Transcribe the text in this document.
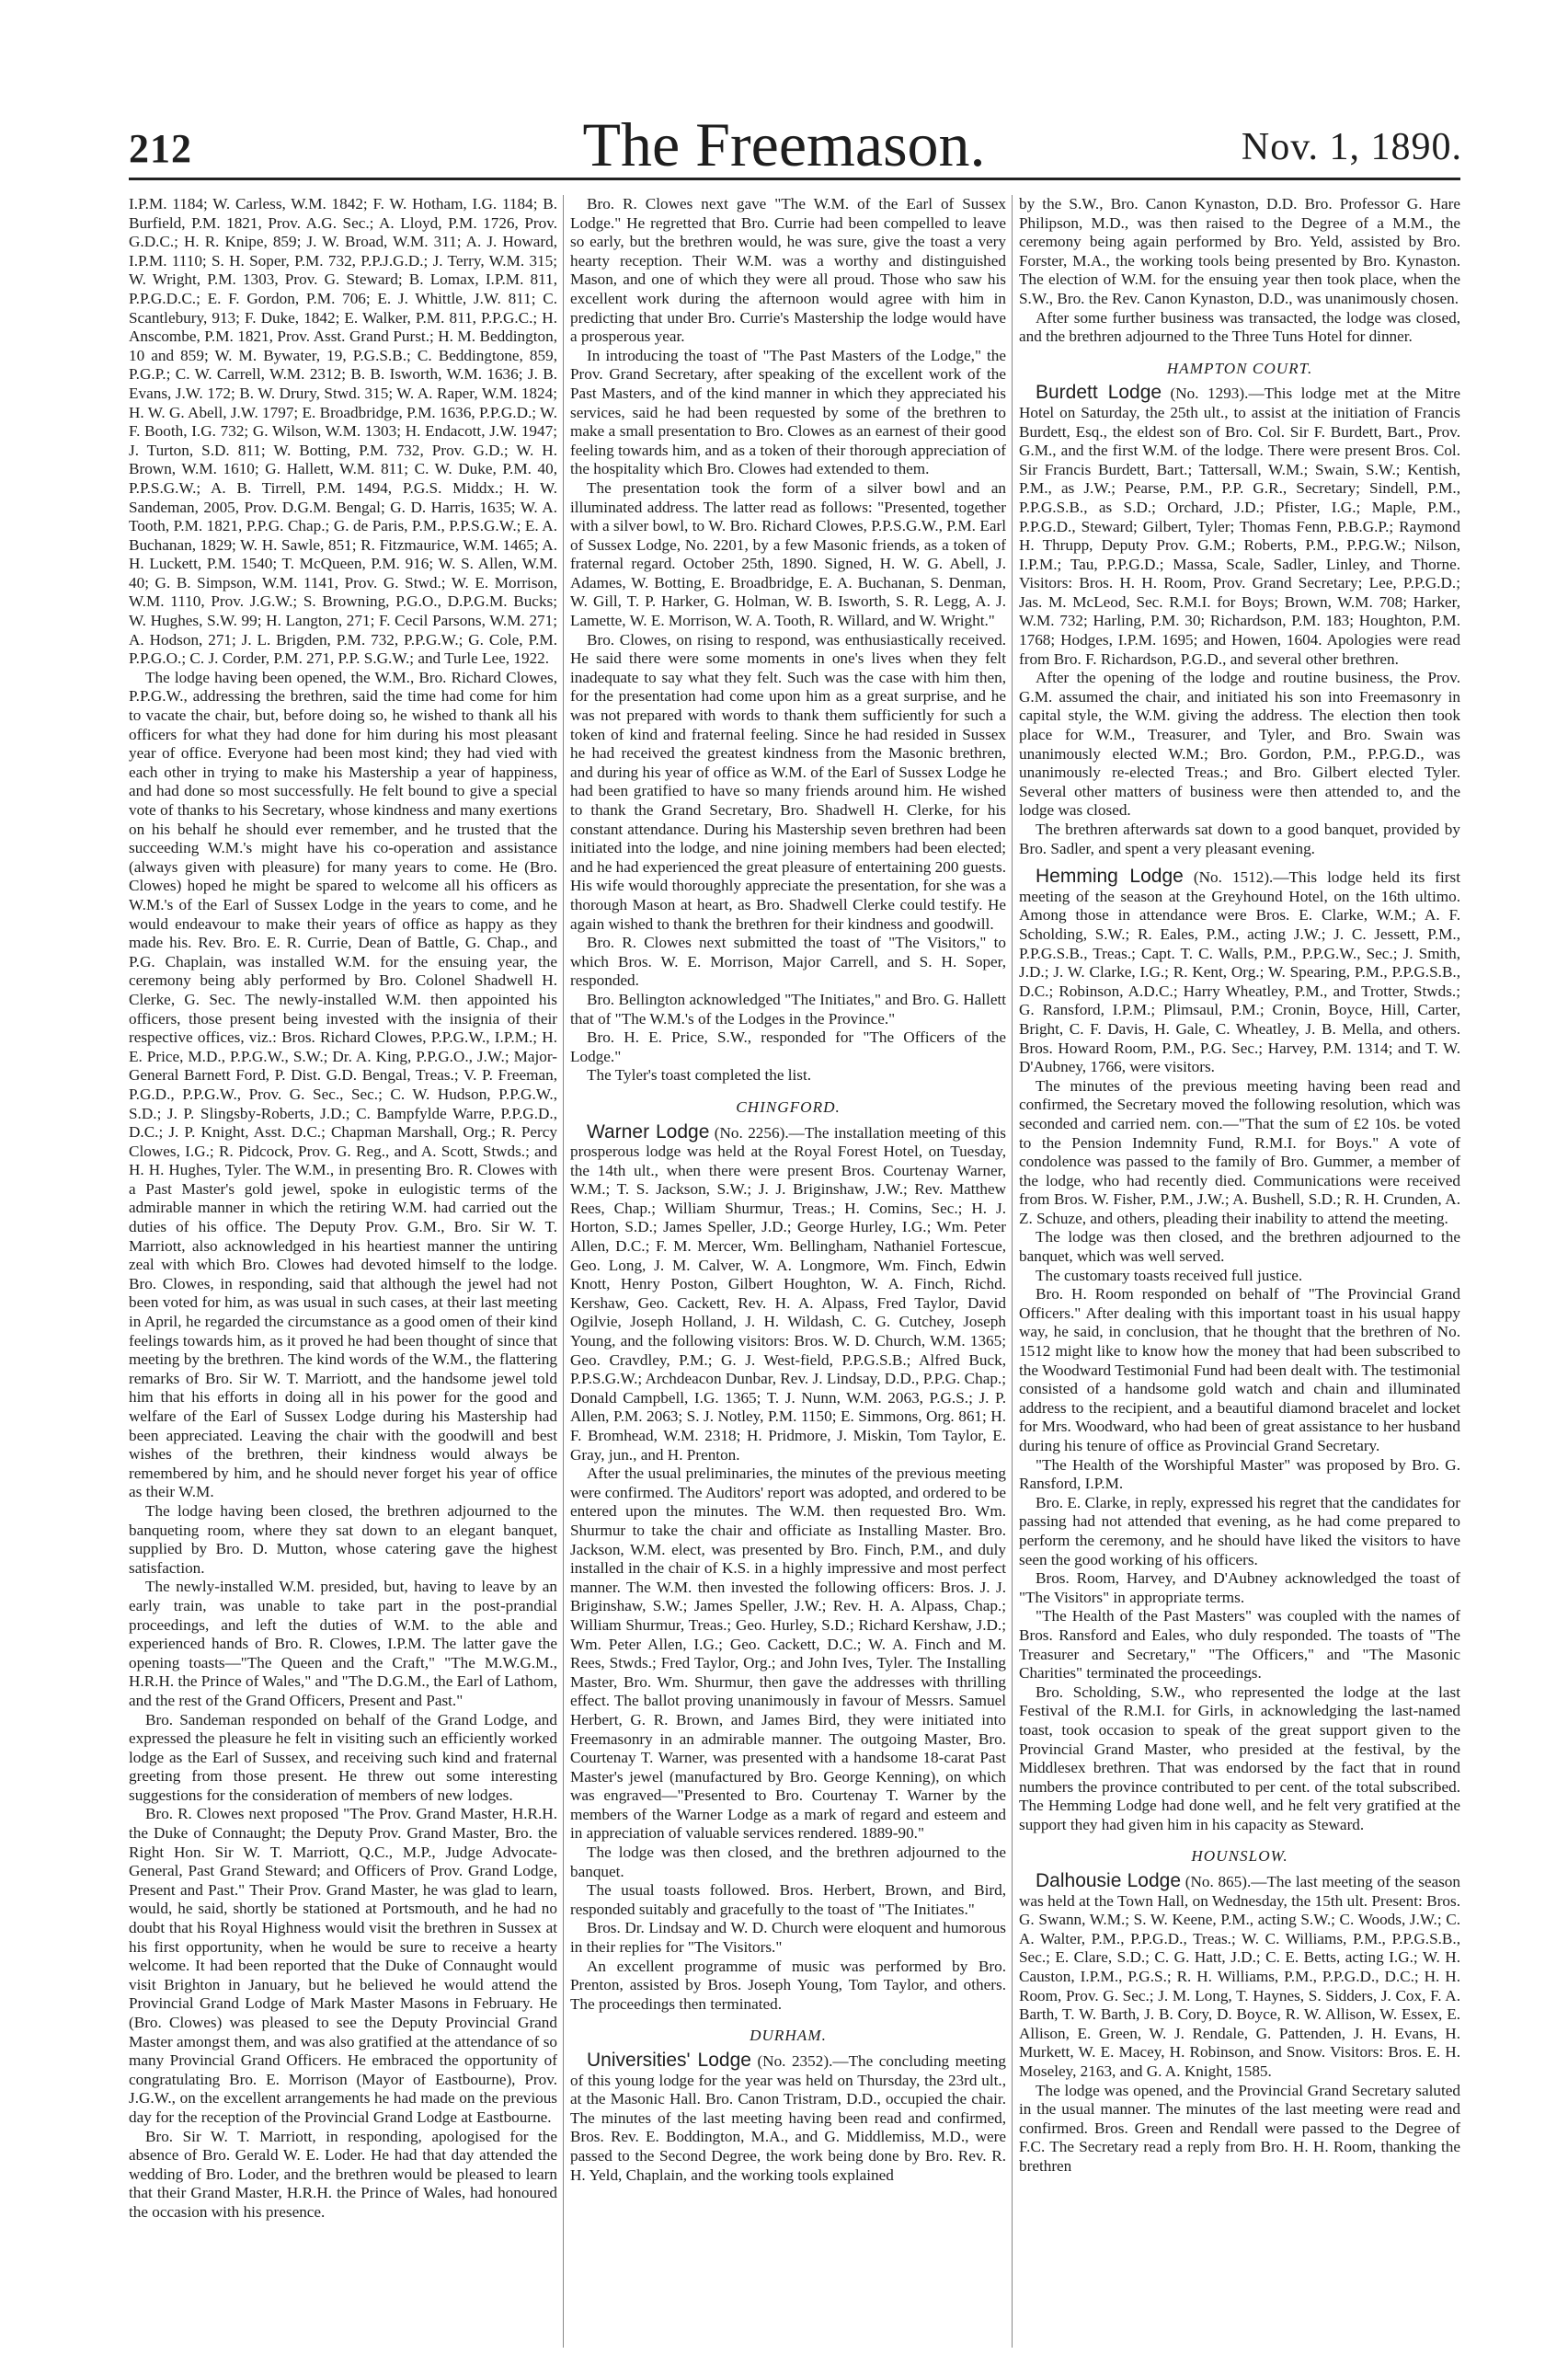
212	The Freemason.	Nov. 1, 1890.

I.P.M. 1184; W. Carless, W.M. 1842; F. W. Hotham, I.G. 1184; B. Burfield, P.M. 1821, Prov. A.G. Sec.; A. Lloyd, P.M. 1726, Prov. G.D.C.; H. R. Knipe, 859; J. W. Broad, W.M. 311; A. J. Howard, I.P.M. 1110; S. H. Soper, P.M. 732, P.P.J.G.D.; J. Terry, W.M. 315; W. Wright, P.M. 1303, Prov. G. Steward; B. Lomax, I.P.M. 811, P.P.G.D.C.; E. F. Gordon, P.M. 706; E. J. Whittle, J.W. 811; C. Scantlebury, 913; F. Duke, 1842; E. Walker, P.M. 811, P.P.G.C.; H. Anscombe, P.M. 1821, Prov. Asst. Grand Purst.; H. M. Beddington, 10 and 859; W. M. Bywater, 19, P.G.S.B.; C. Beddingtone, 859, P.G.P.; C. W. Carrell, W.M. 2312; B. B. Isworth, W.M. 1636; J. B. Evans, J.W. 172; B. W. Drury, Stwd. 315; W. A. Raper, W.M. 1824; H. W. G. Abell, J.W. 1797; E. Broadbridge, P.M. 1636, P.P.G.D.; W. F. Booth, I.G. 732; G. Wilson, W.M. 1303; H. Endacott, J.W. 1947; J. Turton, S.D. 811; W. Botting, P.M. 732, Prov. G.D.; W. H. Brown, W.M. 1610; G. Hallett, W.M. 811; C. W. Duke, P.M. 40, P.P.S.G.W.; A. B. Tirrell, P.M. 1494, P.G.S. Middx.; H. W. Sandeman, 2005, Prov. D.G.M. Bengal; G. D. Harris, 1635; W. A. Tooth, P.M. 1821, P.P.G. Chap.; G. de Paris, P.M., P.P.S.G.W.; E. A. Buchanan, 1829; W. H. Sawle, 851; R. Fitzmaurice, W.M. 1465; A. H. Luckett, P.M. 1540; T. McQueen, P.M. 916; W. S. Allen, W.M. 40; G. B. Simpson, W.M. 1141, Prov. G. Stwd.; W. E. Morrison, W.M. 1110, Prov. J.G.W.; S. Browning, P.G.O., D.P.G.M. Bucks; W. Hughes, S.W. 99; H. Langton, 271; F. Cecil Parsons, W.M. 271; A. Hodson, 271; J. L. Brigden, P.M. 732, P.P.G.W.; G. Cole, P.M. P.P.G.O.; C. J. Corder, P.M. 271, P.P. S.G.W.; and Turle Lee, 1922.

The lodge having been opened, the W.M., Bro. Richard Clowes, P.P.G.W., addressing the brethren, said the time had come for him to vacate the chair, but, before doing so, he wished to thank all his officers for what they had done for him during his most pleasant year of office. Everyone had been most kind; they had vied with each other in trying to make his Mastership a year of happiness, and had done so most successfully. He felt bound to give a special vote of thanks to his Secretary, whose kindness and many exertions on his behalf he should ever remember, and he trusted that the succeeding W.M.'s might have his co-operation and assistance (always given with pleasure) for many years to come. He (Bro. Clowes) hoped he might be spared to welcome all his officers as W.M.'s of the Earl of Sussex Lodge in the years to come, and he would endeavour to make their years of office as happy as they made his. Rev. Bro. E. R. Currie, Dean of Battle, G. Chap., and P.G. Chaplain, was installed W.M. for the ensuing year, the ceremony being ably performed by Bro. Colonel Shadwell H. Clerke, G. Sec. The newly-installed W.M. then appointed his officers, those present being invested with the insignia of their respective offices, viz.: Bros. Richard Clowes, P.P.G.W., I.P.M.; H. E. Price, M.D., P.P.G.W., S.W.; Dr. A. King, P.P.G.O., J.W.; Major-General Barnett Ford, P. Dist. G.D. Bengal, Treas.; V. P. Freeman, P.G.D., P.P.G.W., Prov. G. Sec., Sec.; C. W. Hudson, P.P.G.W., S.D.; J. P. Slingsby-Roberts, J.D.; C. Bampfylde Warre, P.P.G.D., D.C.; J. P. Knight, Asst. D.C.; Chapman Marshall, Org.; R. Percy Clowes, I.G.; R. Pidcock, Prov. G. Reg., and A. Scott, Stwds.; and H. H. Hughes, Tyler. The W.M., in presenting Bro. R. Clowes with a Past Master's gold jewel, spoke in eulogistic terms of the admirable manner in which the retiring W.M. had carried out the duties of his office. The Deputy Prov. G.M., Bro. Sir W. T. Marriott, also acknowledged in his heartiest manner the untiring zeal with which Bro. Clowes had devoted himself to the lodge. Bro. Clowes, in responding, said that although the jewel had not been voted for him, as was usual in such cases, at their last meeting in April, he regarded the circumstance as a good omen of their kind feelings towards him, as it proved he had been thought of since that meeting by the brethren. The kind words of the W.M., the flattering remarks of Bro. Sir W. T. Marriott, and the handsome jewel told him that his efforts in doing all in his power for the good and welfare of the Earl of Sussex Lodge during his Mastership had been appreciated. Leaving the chair with the goodwill and best wishes of the brethren, their kindness would always be remembered by him, and he should never forget his year of office as their W.M.

The lodge having been closed, the brethren adjourned to the banqueting room, where they sat down to an elegant banquet, supplied by Bro. D. Mutton, whose catering gave the highest satisfaction.

The newly-installed W.M. presided, but, having to leave by an early train, was unable to take part in the post-prandial proceedings, and left the duties of W.M. to the able and experienced hands of Bro. R. Clowes, I.P.M. The latter gave the opening toasts—"The Queen and the Craft," "The M.W.G.M., H.R.H. the Prince of Wales," and "The D.G.M., the Earl of Lathom, and the rest of the Grand Officers, Present and Past."

Bro. Sandeman responded on behalf of the Grand Lodge, and expressed the pleasure he felt in visiting such an efficiently worked lodge as the Earl of Sussex, and receiving such kind and fraternal greeting from those present. He threw out some interesting suggestions for the consideration of members of new lodges.

Bro. R. Clowes next proposed "The Prov. Grand Master, H.R.H. the Duke of Connaught; the Deputy Prov. Grand Master, Bro. the Right Hon. Sir W. T. Marriott, Q.C., M.P., Judge Advocate-General, Past Grand Steward; and Officers of Prov. Grand Lodge, Present and Past." Their Prov. Grand Master, he was glad to learn, would, he said, shortly be stationed at Portsmouth, and he had no doubt that his Royal Highness would visit the brethren in Sussex at his first opportunity, when he would be sure to receive a hearty welcome. It had been reported that the Duke of Connaught would visit Brighton in January, but he believed he would attend the Provincial Grand Lodge of Mark Master Masons in February. He (Bro. Clowes) was pleased to see the Deputy Provincial Grand Master amongst them, and was also gratified at the attendance of so many Provincial Grand Officers. He embraced the opportunity of congratulating Bro. E. Morrison (Mayor of Eastbourne), Prov. J.G.W., on the excellent arrangements he had made on the previous day for the reception of the Provincial Grand Lodge at Eastbourne.

Bro. Sir W. T. Marriott, in responding, apologised for the absence of Bro. Gerald W. E. Loder. He had that day attended the wedding of Bro. Loder, and the brethren would be pleased to learn that their Grand Master, H.R.H. the Prince of Wales, had honoured the occasion with his presence.

Bro. R. Clowes next gave "The W.M. of the Earl of Sussex Lodge." He regretted that Bro. Currie had been compelled to leave so early, but the brethren would, he was sure, give the toast a very hearty reception. Their W.M. was a worthy and distinguished Mason, and one of which they were all proud. Those who saw his excellent work during the afternoon would agree with him in predicting that under Bro. Currie's Mastership the lodge would have a prosperous year.

In introducing the toast of "The Past Masters of the Lodge," the Prov. Grand Secretary, after speaking of the excellent work of the Past Masters, and of the kind manner in which they appreciated his services, said he had been requested by some of the brethren to make a small presentation to Bro. Clowes as an earnest of their good feeling towards him, and as a token of their thorough appreciation of the hospitality which Bro. Clowes had extended to them.

The presentation took the form of a silver bowl and an illuminated address. The latter read as follows: "Presented, together with a silver bowl, to W. Bro. Richard Clowes, P.P.S.G.W., P.M. Earl of Sussex Lodge, No. 2201, by a few Masonic friends, as a token of fraternal regard. October 25th, 1890. Signed, H. W. G. Abell, J. Adames, W. Botting, E. Broadbridge, E. A. Buchanan, S. Denman, W. Gill, T. P. Harker, G. Holman, W. B. Isworth, S. R. Legg, A. J. Lamette, W. E. Morrison, W. A. Tooth, R. Willard, and W. Wright."

Bro. Clowes, on rising to respond, was enthusiastically received. He said there were some moments in one's lives when they felt inadequate to say what they felt. Such was the case with him then, for the presentation had come upon him as a great surprise, and he was not prepared with words to thank them sufficiently for such a token of kind and fraternal feeling. Since he had resided in Sussex he had received the greatest kindness from the Masonic brethren, and during his year of office as W.M. of the Earl of Sussex Lodge he had been gratified to have so many friends around him. He wished to thank the Grand Secretary, Bro. Shadwell H. Clerke, for his constant attendance. During his Mastership seven brethren had been initiated into the lodge, and nine joining members had been elected; and he had experienced the great pleasure of entertaining 200 guests. His wife would thoroughly appreciate the presentation, for she was a thorough Mason at heart, as Bro. Shadwell Clerke could testify. He again wished to thank the brethren for their kindness and goodwill.

Bro. R. Clowes next submitted the toast of "The Visitors," to which Bros. W. E. Morrison, Major Carrell, and S. H. Soper, responded.

Bro. Bellington acknowledged "The Initiates," and Bro. G. Hallett that of "The W.M.'s of the Lodges in the Province."

Bro. H. E. Price, S.W., responded for "The Officers of the Lodge."

The Tyler's toast completed the list.

CHINGFORD.

Warner Lodge (No. 2256).—The installation meeting of this prosperous lodge was held at the Royal Forest Hotel, on Tuesday, the 14th ult., when there were present Bros. Courtenay Warner, W.M.; T. S. Jackson, S.W.; J. J. Briginshaw, J.W.; Rev. Matthew Rees, Chap.; William Shurmur, Treas.; H. Comins, Sec.; H. J. Horton, S.D.; James Speller, J.D.; George Hurley, I.G.; Wm. Peter Allen, D.C.; F. M. Mercer, Wm. Bellingham, Nathaniel Fortescue, Geo. Long, J. M. Calver, W. A. Longmore, Wm. Finch, Edwin Knott, Henry Poston, Gilbert Houghton, W. A. Finch, Richd. Kershaw, Geo. Cackett, Rev. H. A. Alpass, Fred Taylor, David Ogilvie, Joseph Holland, J. H. Wildash, C. G. Cutchey, Joseph Young, and the following visitors: Bros. W. D. Church, W.M. 1365; Geo. Cravdley, P.M.; G. J. West-field, P.P.G.S.B.; Alfred Buck, P.P.S.G.W.; Archdeacon Dunbar, Rev. J. Lindsay, D.D., P.P.G. Chap.; Donald Campbell, I.G. 1365; T. J. Nunn, W.M. 2063, P.G.S.; J. P. Allen, P.M. 2063; S. J. Notley, P.M. 1150; E. Simmons, Org. 861; H. F. Bromhead, W.M. 2318; H. Pridmore, J. Miskin, Tom Taylor, E. Gray, jun., and H. Prenton.

After the usual preliminaries, the minutes of the previous meeting were confirmed. The Auditors' report was adopted, and ordered to be entered upon the minutes. The W.M. then requested Bro. Wm. Shurmur to take the chair and officiate as Installing Master. Bro. Jackson, W.M. elect, was presented by Bro. Finch, P.M., and duly installed in the chair of K.S. in a highly impressive and most perfect manner. The W.M. then invested the following officers: Bros. J. J. Briginshaw, S.W.; James Speller, J.W.; Rev. H. A. Alpass, Chap.; William Shurmur, Treas.; Geo. Hurley, S.D.; Richard Kershaw, J.D.; Wm. Peter Allen, I.G.; Geo. Cackett, D.C.; W. A. Finch and M. Rees, Stwds.; Fred Taylor, Org.; and John Ives, Tyler. The Installing Master, Bro. Wm. Shurmur, then gave the addresses with thrilling effect. The ballot proving unanimously in favour of Messrs. Samuel Herbert, G. R. Brown, and James Bird, they were initiated into Freemasonry in an admirable manner. The outgoing Master, Bro. Courtenay T. Warner, was presented with a handsome 18-carat Past Master's jewel (manufactured by Bro. George Kenning), on which was engraved—"Presented to Bro. Courtenay T. Warner by the members of the Warner Lodge as a mark of regard and esteem and in appreciation of valuable services rendered. 1889-90."

The lodge was then closed, and the brethren adjourned to the banquet.

The usual toasts followed. Bros. Herbert, Brown, and Bird, responded suitably and gracefully to the toast of "The Initiates."

Bros. Dr. Lindsay and W. D. Church were eloquent and humorous in their replies for "The Visitors."

An excellent programme of music was performed by Bro. Prenton, assisted by Bros. Joseph Young, Tom Taylor, and others. The proceedings then terminated.

DURHAM.

Universities' Lodge (No. 2352).—The concluding meeting of this young lodge for the year was held on Thursday, the 23rd ult., at the Masonic Hall. Bro. Canon Tristram, D.D., occupied the chair. The minutes of the last meeting having been read and confirmed, Bros. Rev. E. Boddington, M.A., and G. Middlemiss, M.D., were passed to the Second Degree, the work being done by Bro. Rev. R. H. Yeld, Chaplain, and the working tools explained

by the S.W., Bro. Canon Kynaston, D.D. Bro. Professor G. Hare Philipson, M.D., was then raised to the Degree of a M.M., the ceremony being again performed by Bro. Yeld, assisted by Bro. Forster, M.A., the working tools being presented by Bro. Kynaston. The election of W.M. for the ensuing year then took place, when the S.W., Bro. the Rev. Canon Kynaston, D.D., was unanimously chosen.

After some further business was transacted, the lodge was closed, and the brethren adjourned to the Three Tuns Hotel for dinner.

HAMPTON COURT.

Burdett Lodge (No. 1293).—This lodge met at the Mitre Hotel on Saturday, the 25th ult., to assist at the initiation of Francis Burdett, Esq., the eldest son of Bro. Col. Sir F. Burdett, Bart., Prov. G.M., and the first W.M. of the lodge. There were present Bros. Col. Sir Francis Burdett, Bart.; Tattersall, W.M.; Swain, S.W.; Kentish, P.M., as J.W.; Pearse, P.M., P.P. G.R., Secretary; Sindell, P.M., P.P.G.S.B., as S.D.; Orchard, J.D.; Pfister, I.G.; Maple, P.M., P.P.G.D., Steward; Gilbert, Tyler; Thomas Fenn, P.B.G.P.; Raymond H. Thrupp, Deputy Prov. G.M.; Roberts, P.M., P.P.G.W.; Nilson, I.P.M.; Tau, P.P.G.D.; Massa, Scale, Sadler, Linley, and Thorne. Visitors: Bros. H. H. Room, Prov. Grand Secretary; Lee, P.P.G.D.; Jas. M. McLeod, Sec. R.M.I. for Boys; Brown, W.M. 708; Harker, W.M. 732; Harling, P.M. 30; Richardson, P.M. 183; Houghton, P.M. 1768; Hodges, I.P.M. 1695; and Howen, 1604. Apologies were read from Bro. F. Richardson, P.G.D., and several other brethren.

After the opening of the lodge and routine business, the Prov. G.M. assumed the chair, and initiated his son into Freemasonry in capital style, the W.M. giving the address. The election then took place for W.M., Treasurer, and Tyler, and Bro. Swain was unanimously elected W.M.; Bro. Gordon, P.M., P.P.G.D., was unanimously re-elected Treas.; and Bro. Gilbert elected Tyler. Several other matters of business were then attended to, and the lodge was closed.

The brethren afterwards sat down to a good banquet, provided by Bro. Sadler, and spent a very pleasant evening.

Hemming Lodge (No. 1512).—This lodge held its first meeting of the season at the Greyhound Hotel, on the 16th ultimo. Among those in attendance were Bros. E. Clarke, W.M.; A. F. Scholding, S.W.; R. Eales, P.M., acting J.W.; J. C. Jessett, P.M., P.P.G.S.B., Treas.; Capt. T. C. Walls, P.M., P.P.G.W., Sec.; J. Smith, J.D.; J. W. Clarke, I.G.; R. Kent, Org.; W. Spearing, P.M., P.P.G.S.B., D.C.; Robinson, A.D.C.; Harry Wheatley, P.M., and Trotter, Stwds.; G. Ransford, I.P.M.; Plimsaul, P.M.; Cronin, Boyce, Hill, Carter, Bright, C. F. Davis, H. Gale, C. Wheatley, J. B. Mella, and others. Bros. Howard Room, P.M., P.G. Sec.; Harvey, P.M. 1314; and T. W. D'Aubney, 1766, were visitors.

The minutes of the previous meeting having been read and confirmed, the Secretary moved the following resolution, which was seconded and carried nem. con.—"That the sum of £2 10s. be voted to the Pension Indemnity Fund, R.M.I. for Boys." A vote of condolence was passed to the family of Bro. Gummer, a member of the lodge, who had recently died. Communications were received from Bros. W. Fisher, P.M., J.W.; A. Bushell, S.D.; R. H. Crunden, A. Z. Schuze, and others, pleading their inability to attend the meeting.

The lodge was then closed, and the brethren adjourned to the banquet, which was well served.

The customary toasts received full justice.

Bro. H. Room responded on behalf of "The Provincial Grand Officers." After dealing with this important toast in his usual happy way, he said, in conclusion, that he thought that the brethren of No. 1512 might like to know how the money that had been subscribed to the Woodward Testimonial Fund had been dealt with. The testimonial consisted of a handsome gold watch and chain and illuminated address to the recipient, and a beautiful diamond bracelet and locket for Mrs. Woodward, who had been of great assistance to her husband during his tenure of office as Provincial Grand Secretary.

"The Health of the Worshipful Master" was proposed by Bro. G. Ransford, I.P.M.

Bro. E. Clarke, in reply, expressed his regret that the candidates for passing had not attended that evening, as he had come prepared to perform the ceremony, and he should have liked the visitors to have seen the good working of his officers.

Bros. Room, Harvey, and D'Aubney acknowledged the toast of "The Visitors" in appropriate terms.

"The Health of the Past Masters" was coupled with the names of Bros. Ransford and Eales, who duly responded. The toasts of "The Treasurer and Secretary," "The Officers," and "The Masonic Charities" terminated the proceedings.

Bro. Scholding, S.W., who represented the lodge at the last Festival of the R.M.I. for Girls, in acknowledging the last-named toast, took occasion to speak of the great support given to the Provincial Grand Master, who presided at the festival, by the Middlesex brethren. That was endorsed by the fact that in round numbers the province contributed to per cent. of the total subscribed. The Hemming Lodge had done well, and he felt very gratified at the support they had given him in his capacity as Steward.

HOUNSLOW.

Dalhousie Lodge (No. 865).—The last meeting of the season was held at the Town Hall, on Wednesday, the 15th ult. Present: Bros. G. Swann, W.M.; S. W. Keene, P.M., acting S.W.; C. Woods, J.W.; C. A. Walter, P.M., P.P.G.D., Treas.; W. C. Williams, P.M., P.P.G.S.B., Sec.; E. Clare, S.D.; C. G. Hatt, J.D.; C. E. Betts, acting I.G.; W. H. Causton, I.P.M., P.G.S.; R. H. Williams, P.M., P.P.G.D., D.C.; H. H. Room, Prov. G. Sec.; J. M. Long, T. Haynes, S. Sidders, J. Cox, F. A. Barth, T. W. Barth, J. B. Cory, D. Boyce, R. W. Allison, W. Essex, E. Allison, E. Green, W. J. Rendale, G. Pattenden, J. H. Evans, H. Murkett, W. E. Macey, H. Robinson, and Snow. Visitors: Bros. E. H. Moseley, 2163, and G. A. Knight, 1585.

The lodge was opened, and the Provincial Grand Secretary saluted in the usual manner. The minutes of the last meeting were read and confirmed. Bros. Green and Rendall were passed to the Degree of F.C. The Secretary read a reply from Bro. H. H. Room, thanking the brethren
